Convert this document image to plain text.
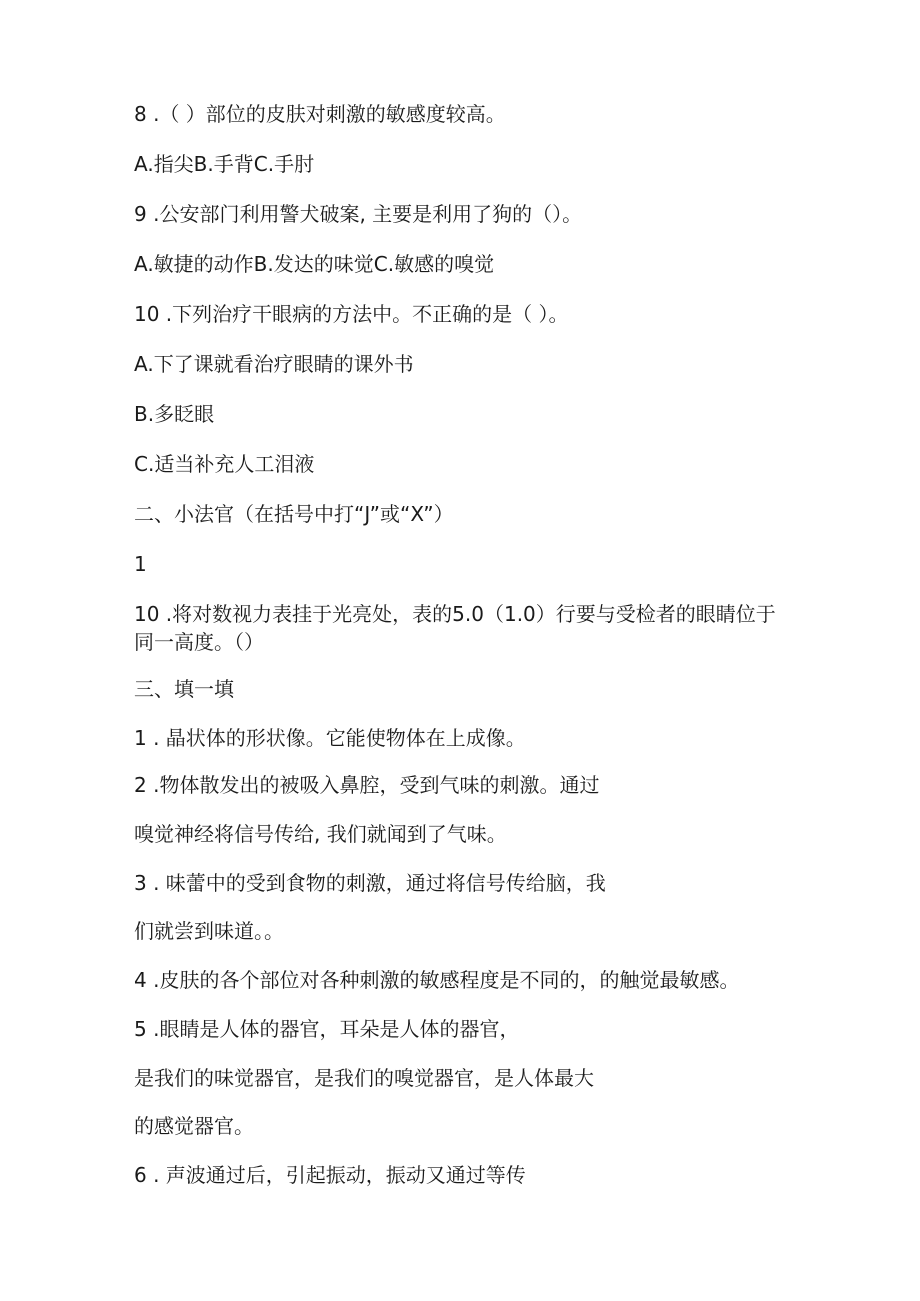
8 .（ ）部位的皮肤对刺激的敏感度较高。
A.指尖B.手背C.手肘
9 .公安部门利用警犬破案, 主要是利用了狗的（）。
A.敏捷的动作B.发达的味觉C.敏感的嗅觉
10 .下列治疗干眼病的方法中。不正确的是（ ）。
A.下了课就看治疗眼睛的课外书
B.多眨眼
C.适当补充人工泪液
二、小法官（在括号中打“J”或“X”）
1
10 .将对数视力表挂于光亮处，表的5.0（1.0）行要与受检者的眼睛位于同一高度。（）
三、填一填
1 . 晶状体的形状像。它能使物体在上成像。
2 .物体散发出的被吸入鼻腔，受到气味的刺激。通过
嗅觉神经将信号传给, 我们就闻到了气味。
3 . 味蕾中的受到食物的刺激，通过将信号传给脑，我
们就尝到味道。。
4 .皮肤的各个部位对各种刺激的敏感程度是不同的，的触觉最敏感。
5 .眼睛是人体的器官，耳朵是人体的器官，
是我们的味觉器官，是我们的嗅觉器官，是人体最大
的感觉器官。
6 . 声波通过后，引起振动，振动又通过等传
